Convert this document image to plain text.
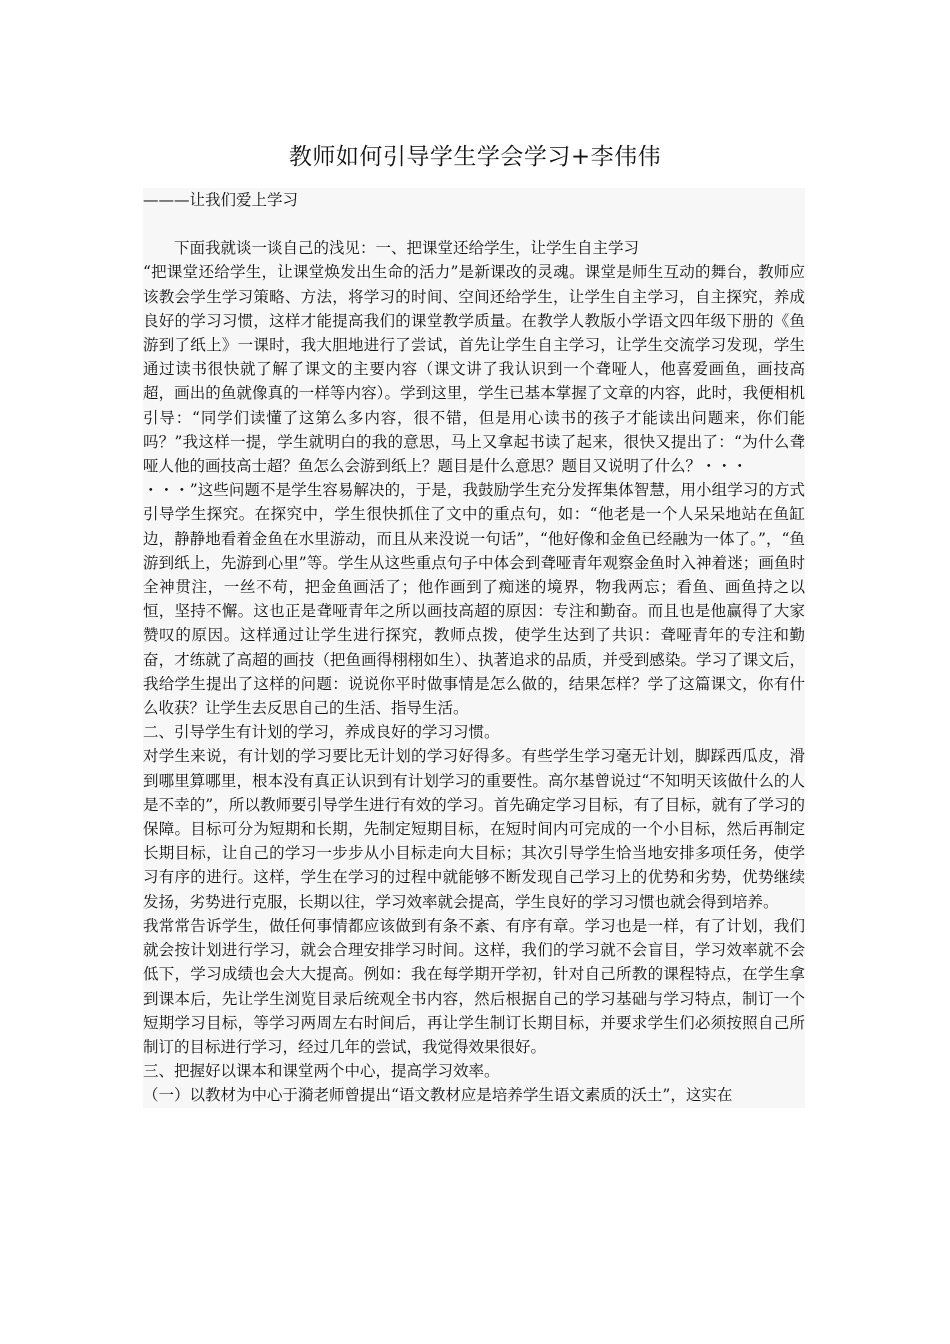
教师如何引导学生学会学习+李伟伟

———让我们爱上学习

下面我就谈一谈自己的浅见：一、把课堂还给学生，让学生自主学习

“把课堂还给学生，让课堂焕发出生命的活力”是新课改的灵魂。课堂是师生互动的舞台，教师应该教会学生学习策略、方法，将学习的时间、空间还给学生，让学生自主学习，自主探究，养成良好的学习习惯，这样才能提高我们的课堂教学质量。在教学人教版小学语文四年级下册的《鱼游到了纸上》一课时，我大胆地进行了尝试，首先让学生自主学习，让学生交流学习发现，学生通过读书很快就了解了课文的主要内容（课文讲了我认识到一个聋哑人，他喜爱画鱼，画技高超，画出的鱼就像真的一样等内容）。学到这里，学生已基本掌握了文章的内容，此时，我便相机引导：“同学们读懂了这第么多内容，很不错，但是用心读书的孩子才能读出问题来，你们能吗？”我这样一提，学生就明白的我的意思，马上又拿起书读了起来，很快又提出了：“为什么聋哑人他的画技高士超？鱼怎么会游到纸上？题目是什么意思？题目又说明了什么？・・・

・・・”这些问题不是学生容易解决的，于是，我鼓励学生充分发挥集体智慧，用小组学习的方式引导学生探究。在探究中，学生很快抓住了文中的重点句，如：“他老是一个人呆呆地站在鱼缸边，静静地看着金鱼在水里游动，而且从来没说一句话”，“他好像和金鱼已经融为一体了。”，“鱼游到纸上，先游到心里”等。学生从这些重点句子中体会到聋哑青年观察金鱼时入神着迷；画鱼时全神贯注，一丝不苟，把金鱼画活了；他作画到了痴迷的境界，物我两忘；看鱼、画鱼持之以恒，坚持不懈。这也正是聋哑青年之所以画技高超的原因：专注和勤奋。而且也是他赢得了大家赞叹的原因。这样通过让学生进行探究，教师点拨，使学生达到了共识：聋哑青年的专注和勤奋，才练就了高超的画技（把鱼画得栩栩如生）、执著追求的品质，并受到感染。学习了课文后，我给学生提出了这样的问题：说说你平时做事情是怎么做的，结果怎样？学了这篇课文，你有什么收获？让学生去反思自己的生活、指导生活。

二、引导学生有计划的学习，养成良好的学习习惯。

对学生来说，有计划的学习要比无计划的学习好得多。有些学生学习毫无计划，脚踩西瓜皮，滑到哪里算哪里，根本没有真正认识到有计划学习的重要性。高尔基曾说过“不知明天该做什么的人是不幸的”，所以教师要引导学生进行有效的学习。首先确定学习目标，有了目标，就有了学习的保障。目标可分为短期和长期，先制定短期目标，在短时间内可完成的一个小目标，然后再制定长期目标，让自己的学习一步步从小目标走向大目标；其次引导学生恰当地安排多项任务，使学习有序的进行。这样，学生在学习的过程中就能够不断发现自己学习上的优势和劣势，优势继续发扬，劣势进行克服，长期以往，学习效率就会提高，学生良好的学习习惯也就会得到培养。

我常常告诉学生，做任何事情都应该做到有条不紊、有序有章。学习也是一样，有了计划，我们就会按计划进行学习，就会合理安排学习时间。这样，我们的学习就不会盲目，学习效率就不会低下，学习成绩也会大大提高。例如：我在每学期开学初，针对自己所教的课程特点，在学生拿到课本后，先让学生浏览目录后统观全书内容，然后根据自己的学习基础与学习特点，制订一个短期学习目标，等学习两周左右时间后，再让学生制订长期目标，并要求学生们必须按照自己所制订的目标进行学习，经过几年的尝试，我觉得效果很好。

三、把握好以课本和课堂两个中心，提高学习效率。

（一）以教材为中心于漪老师曾提出“语文教材应是培养学生语文素质的沃土”，这实在
